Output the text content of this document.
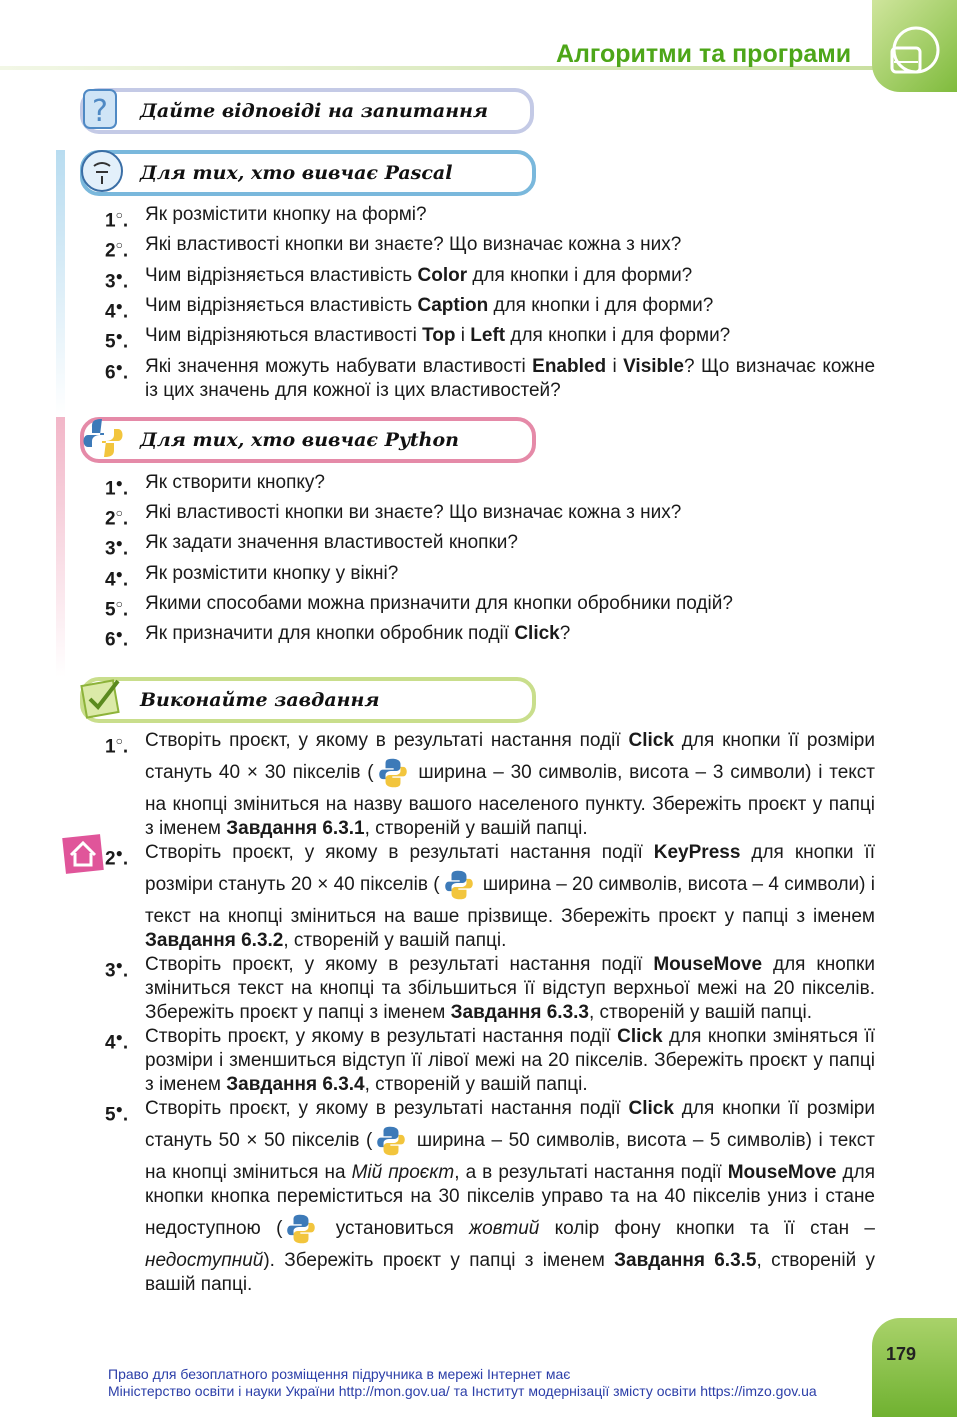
Алгоритми та програми
? Дайте відповіді на запитання
Для тих, хто вивчає Pascal
1○. Як розмістити кнопку на формі?
2○. Які властивості кнопки ви знаєте? Що визначає кожна з них?
3●. Чим відрізняється властивість Color для кнопки і для форми?
4●. Чим відрізняється властивість Caption для кнопки і для форми?
5●. Чим відрізняються властивості Top і Left для кнопки і для форми?
6●. Які значення можуть набувати властивості Enabled і Visible? Що визначає кожне із цих значень для кожної із цих властивостей?
Для тих, хто вивчає Python
1●. Як створити кнопку?
2○. Які властивості кнопки ви знаєте? Що визначає кожна з них?
3●. Як задати значення властивостей кнопки?
4●. Як розмістити кнопку у вікні?
5○. Якими способами можна призначити для кнопки обробники подій?
6●. Як призначити для кнопки обробник події Click?
Виконайте завдання
1○. Створіть проєкт, у якому в результаті настання події Click для кнопки її розміри стануть 40 × 30 пікселів ( ширина – 30 символів, висота – 3 символи) і текст на кнопці зміниться на назву вашого населеного пункту. Збережіть проєкт у папці з іменем Завдання 6.3.1, створеній у вашій папці.
2●. Створіть проєкт, у якому в результаті настання події KeyPress для кнопки її розміри стануть 20 × 40 пікселів ( ширина – 20 символів, висота – 4 символи) і текст на кнопці зміниться на ваше прізвище. Збережіть проєкт у папці з іменем Завдання 6.3.2, створеній у вашій папці.
3●. Створіть проєкт, у якому в результаті настання події MouseMove для кнопки зміниться текст на кнопці та збільшиться її відступ верхньої межі на 20 пікселів. Збережіть проєкт у папці з іменем Завдання 6.3.3, створеній у вашій папці.
4●. Створіть проєкт, у якому в результаті настання події Click для кнопки зміняться її розміри і зменшиться відступ її лівої межі на 20 пікселів. Збережіть проєкт у папці з іменем Завдання 6.3.4, створеній у вашій папці.
5●. Створіть проєкт, у якому в результаті настання події Click для кнопки її розміри стануть 50 × 50 пікселів ( ширина – 50 символів, висота – 5 символів) і текст на кнопці зміниться на Мій проєкт, а в результаті настання події MouseMove для кнопки кнопка переміститься на 30 пікселів управо та на 40 пікселів униз і стане недоступною ( установиться жовтий колір фону кнопки та її стан – недоступний). Збережіть проєкт у папці з іменем Завдання 6.3.5, створеній у вашій папці.
Право для безоплатного розміщення підручника в мережі Інтернет має
Міністерство освіти і науки України http://mon.gov.ua/ та Інститут модернізації змісту освіти https://imzo.gov.ua
179
